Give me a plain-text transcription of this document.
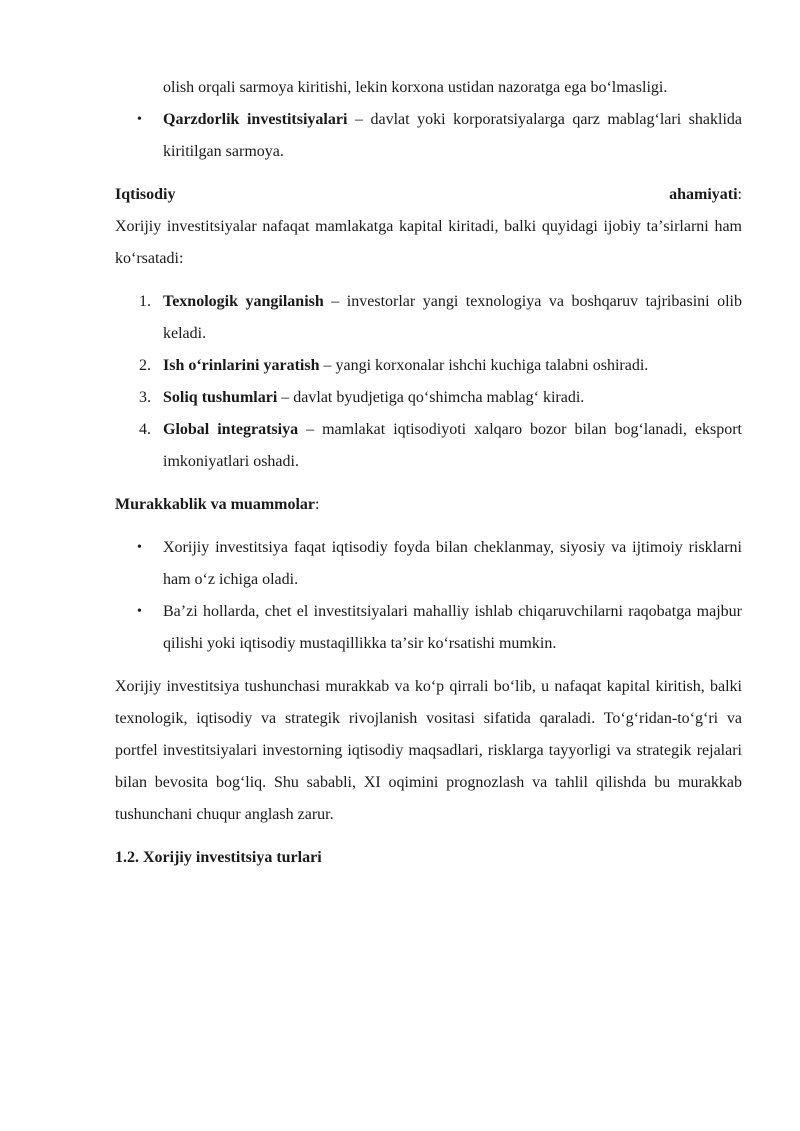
olish orqali sarmoya kiritishi, lekin korxona ustidan nazoratga ega boʻlmasligi.
• Qarzdorlik investitsiyalari – davlat yoki korporatsiyalarga qarz mablagʻlari shaklida kiritilgan sarmoya.
Iqtisodiy	ahamiyati:

Xorijiy investitsiyalar nafaqat mamlakatga kapital kiritadi, balki quyidagi ijobiy taʼsirlarni ham koʻrsatadi:

1. Texnologik yangilanish – investorlar yangi texnologiya va boshqaruv tajribasini olib keladi.
2. Ish oʻrinlarini yaratish – yangi korxonalar ishchi kuchiga talabni oshiradi.
3. Soliq tushumlari – davlat byudjetiga qoʻshimcha mablagʻ kiradi.
4. Global integratsiya – mamlakat iqtisodiyoti xalqaro bozor bilan bogʻlanadi, eksport imkoniyatlari oshadi.
Murakkablik va muammolar:
• Xorijiy investitsiya faqat iqtisodiy foyda bilan cheklanmay, siyosiy va ijtimoiy risklarni ham oʻz ichiga oladi.
• Baʼzi hollarda, chet el investitsiyalari mahalliy ishlab chiqaruvchilarni raqobatga majbur qilishi yoki iqtisodiy mustaqillikka taʼsir koʻrsatishi mumkin.

Xorijiy investitsiya tushunchasi murakkab va koʻp qirrali boʻlib, u nafaqat kapital kiritish, balki texnologik, iqtisodiy va strategik rivojlanish vositasi sifatida qaraladi. Toʻgʻridan-toʻgʻri va portfel investitsiyalari investorning iqtisodiy maqsadlari, risklarga tayyorligi va strategik rejalari bilan bevosita bogʻliq. Shu sababli, XI oqimini prognozlash va tahlil qilishda bu murakkab tushunchani chuqur anglash zarur.

1.2. Xorijiy investitsiya turlari
